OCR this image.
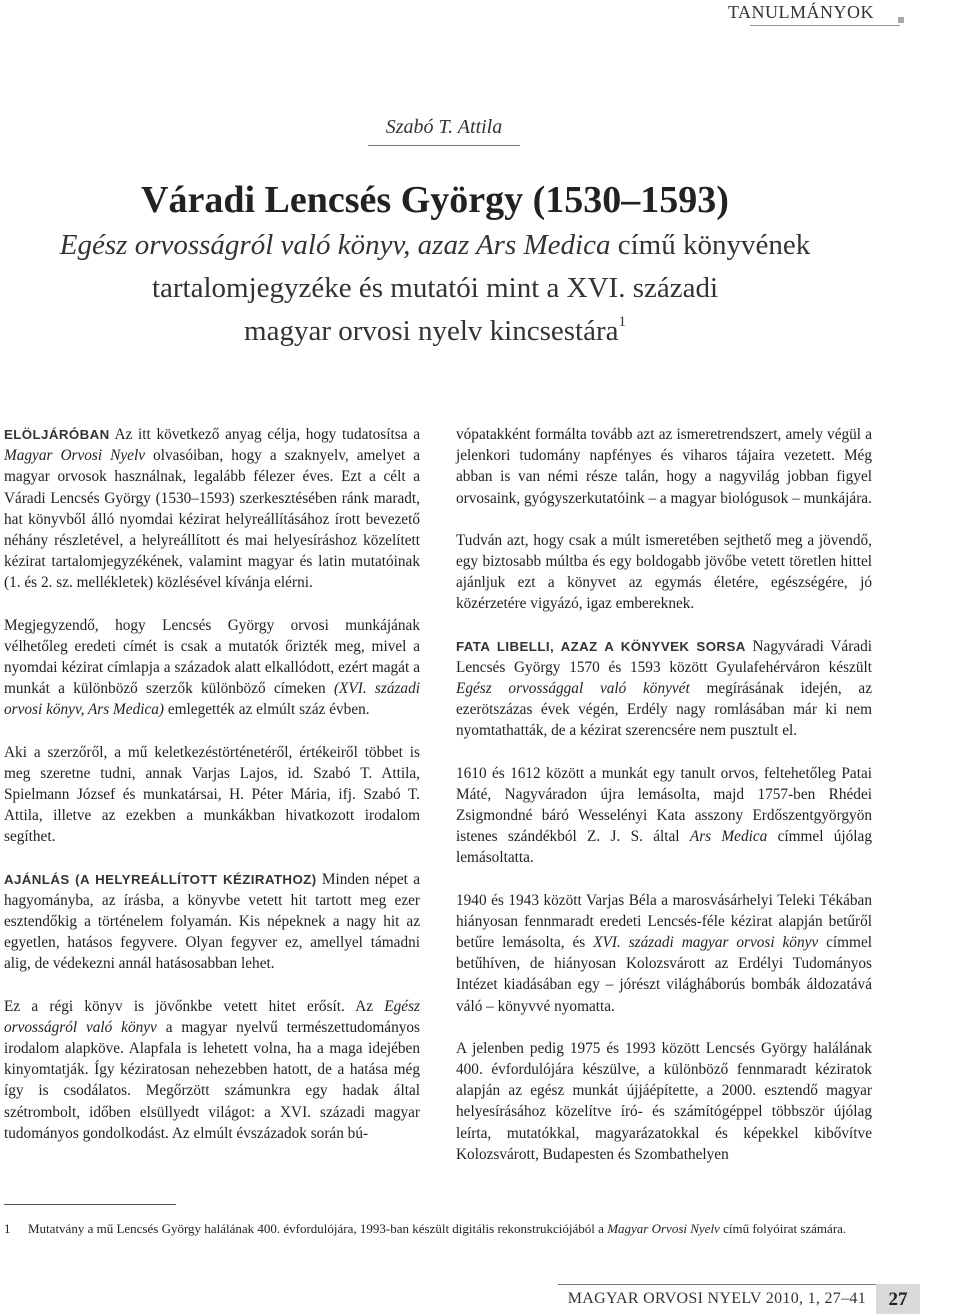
TANULMÁNYOK
Szabó T. Attila
Váradi Lencsés György (1530–1593)

Egész orvosságról való könyv, azaz Ars Medica című könyvének
tartalomjegyzéke és mutatói mint a XVI. századi
magyar orvosi nyelv kincsestára$^1$

ELÖLJÁRÓBAN Az itt következő anyag célja, hogy tudatosítsa a Magyar Orvosi Nyelv olvasóiban, hogy a szaknyelv, amelyet a magyar orvosok használnak, legalább félezer éves. Ezt a célt a Váradi Lencsés György (1530–1593) szerkesztésében ránk maradt, hat könyvből álló nyomdai kézirat helyreállításához írott bevezető néhány részletével, a helyreállított és mai helyesíráshoz közelített kézirat tartalomjegyzékének, valamint magyar és latin mutatóinak (1. és 2. sz. mellékletek) közlésével kívánja elérni.

Megjegyzendő, hogy Lencsés György orvosi munkájának vélhetőleg eredeti címét is csak a mutatók őrizték meg, mivel a nyomdai kézirat címlapja a századok alatt elkallódott, ezért magát a munkát a különböző szerzők különböző címeken (XVI. századi orvosi könyv, Ars Medica) emlegették az elmúlt száz évben.

Aki a szerzőről, a mű keletkezéstörténetéről, értékeiről többet is meg szeretne tudni, annak Varjas Lajos, id. Szabó T. Attila, Spielmann József és munkatársai, H. Péter Mária, ifj. Szabó T. Attila, illetve az ezekben a munkákban hivatkozott irodalom segíthet.

AJÁNLÁS (A HELYREÁLLÍTOTT KÉZIRATHOZ) Minden népet a hagyományba, az írásba, a könyvbe vetett hit tartott meg ezer esztendőkig a történelem folyamán. Kis népeknek a nagy hit az egyetlen, hatásos fegyvere. Olyan fegyver ez, amellyel támadni alig, de védekezni annál hatásosabban lehet.

Ez a régi könyv is jövőnkbe vetett hitet erősít. Az Egész orvosságról való könyv a magyar nyelvű természettudományos irodalom alapköve. Alapfala is lehetett volna, ha a maga idejében kinyomtatják. Így kéziratosan nehezebben hatott, de a hatása még így is csodálatos. Megőrzött számunkra egy hadak által szétrombolt, időben elsüllyedt világot: a XVI. századi magyar tudományos gondolkodást. Az elmúlt évszázadok során bú-

vópatakként formálta tovább azt az ismeretrendszert, amely végül a jelenkori tudomány napfényes és viharos tájaira vezetett. Még abban is van némi része talán, hogy a nagyvilág jobban figyel orvosaink, gyógyszerkutatóink – a magyar biológusok – munkájára.

Tudván azt, hogy csak a múlt ismeretében sejthető meg a jövendő, egy biztosabb múltba és egy boldogabb jövőbe vetett töretlen hittel ajánljuk ezt a könyvet az egymás életére, egészségére, jó közérzetére vigyázó, igaz embereknek.

FATA LIBELLI, AZAZ A KÖNYVEK SORSA Nagyváradi Váradi Lencsés György 1570 és 1593 között Gyulafehérváron készült Egész orvossággal való könyvét megírásának idején, az ezerötszázas évek végén, Erdély nagy romlásában már ki nem nyomtathatták, de a kézirat szerencsére nem pusztult el.

1610 és 1612 között a munkát egy tanult orvos, feltehetőleg Patai Máté, Nagyváradon újra lemásolta, majd 1757-ben Rhédei Zsigmondné báró Wesselényi Kata asszony Erdőszentgyörgyön istenes szándékból Z. J. S. által Ars Medica címmel újólag lemásoltatta.

1940 és 1943 között Varjas Béla a marosvásárhelyi Teleki Tékában hiányosan fennmaradt eredeti Lencsés-féle kézirat alapján betűről betűre lemásolta, és XVI. századi magyar orvosi könyv címmel betűhíven, de hiányosan Kolozsvárott az Erdélyi Tudományos Intézet kiadásában egy – jórészt világháborús bombák áldozatává váló – könyvvé nyomatta.

A jelenben pedig 1975 és 1993 között Lencsés György halálának 400. évfordulójára készülve, a különböző fennmaradt kéziratok alapján az egész munkát újjáépítette, a 2000. esztendő magyar helyesírásához közelítve író- és számítógéppel többször újólag leírta, mutatókkal, magyarázatokkal és képekkel kibővítve Kolozsvárott, Budapesten és Szombathelyen

1 Mutatvány a mű Lencsés György halálának 400. évfordulójára, 1993-ban készült digitális rekonstrukciójából a Magyar Orvosi Nyelv című folyóirat számára.
MAGYAR ORVOSI NYELV 2010, 1, 27–41	27
